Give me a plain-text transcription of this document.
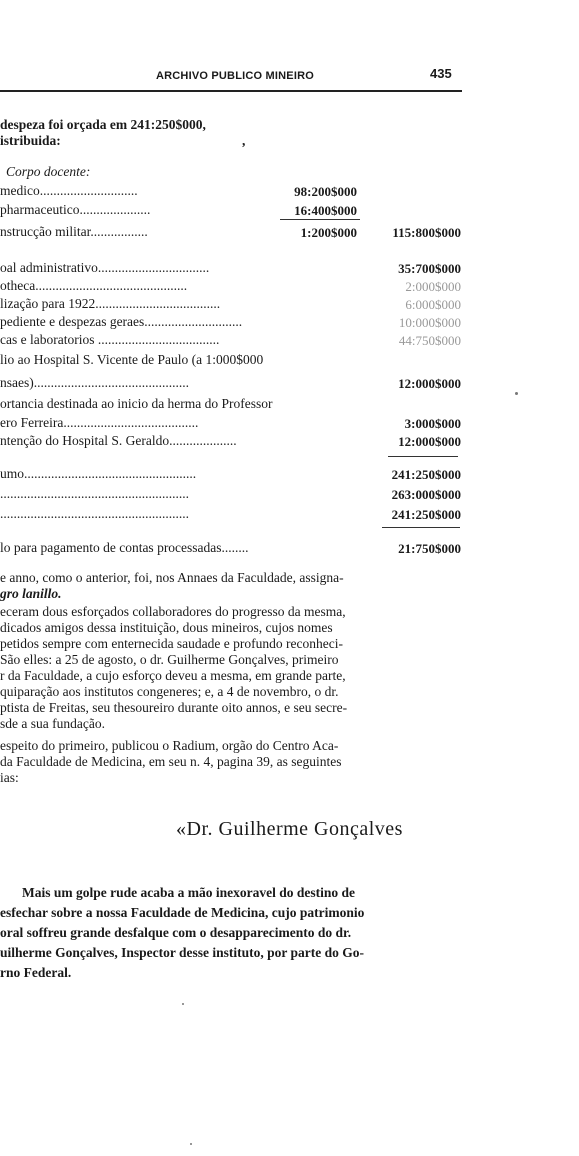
ARCHIVO PUBLICO MINEIRO	435
despeza foi orçada em 241:250$000,
istribuida:	,
Corpo docente:
medico.............................	98:200$000
pharmaceutico.....................	16:400$000
nstrucção militar.................	1:200$000	115:800$000
oal administrativo.................................	35:700$000
otheca.............................................	2:000$000
lização para 1922.....................................	6:000$000
pediente e despezas geraes.............................	10:000$000
cas e laboratorios ....................................	44:750$000
lio ao Hospital S. Vicente de Paulo (a 1:000$000
nsaes)..............................................	12:000$000
ortancia destinada ao inicio da herma do Professor
ero Ferreira........................................	3:000$000
ntenção do Hospital S. Geraldo....................	12:000$000
umo...................................................	241:250$000
........................................................	263:000$000
........................................................	241:250$000
lo para pagamento de contas processadas........	21:750$000
e anno, como o anterior, foi, nos Annaes da Faculdade, assigna-
gro lanillo.
eceram dous esforçados collaboradores do progresso da mesma,
dicados amigos dessa instituição, dous mineiros, cujos nomes
petidos sempre com enternecida saudade e profundo reconheci-
São elles: a 25 de agosto, o dr. Guilherme Gonçalves, primeiro
r da Faculdade, a cujo esforço deveu a mesma, em grande parte,
quiparação aos institutos congeneres; e, a 4 de novembro, o dr.
ptista de Freitas, seu thesoureiro durante oito annos, e seu secre-
sde a sua fundação.
espeito do primeiro, publicou o Radium, orgão do Centro Aca-
da Faculdade de Medicina, em seu n. 4, pagina 39, as seguintes
ias:
«Dr. Guilherme Gonçalves
Mais um golpe rude acaba a mão inexoravel do destino de
esfechar sobre a nossa Faculdade de Medicina, cujo patrimonio
oral soffreu grande desfalque com o desapparecimento do dr.
uilherme Gonçalves, Inspector desse instituto, por parte do Go-
rno Federal.
